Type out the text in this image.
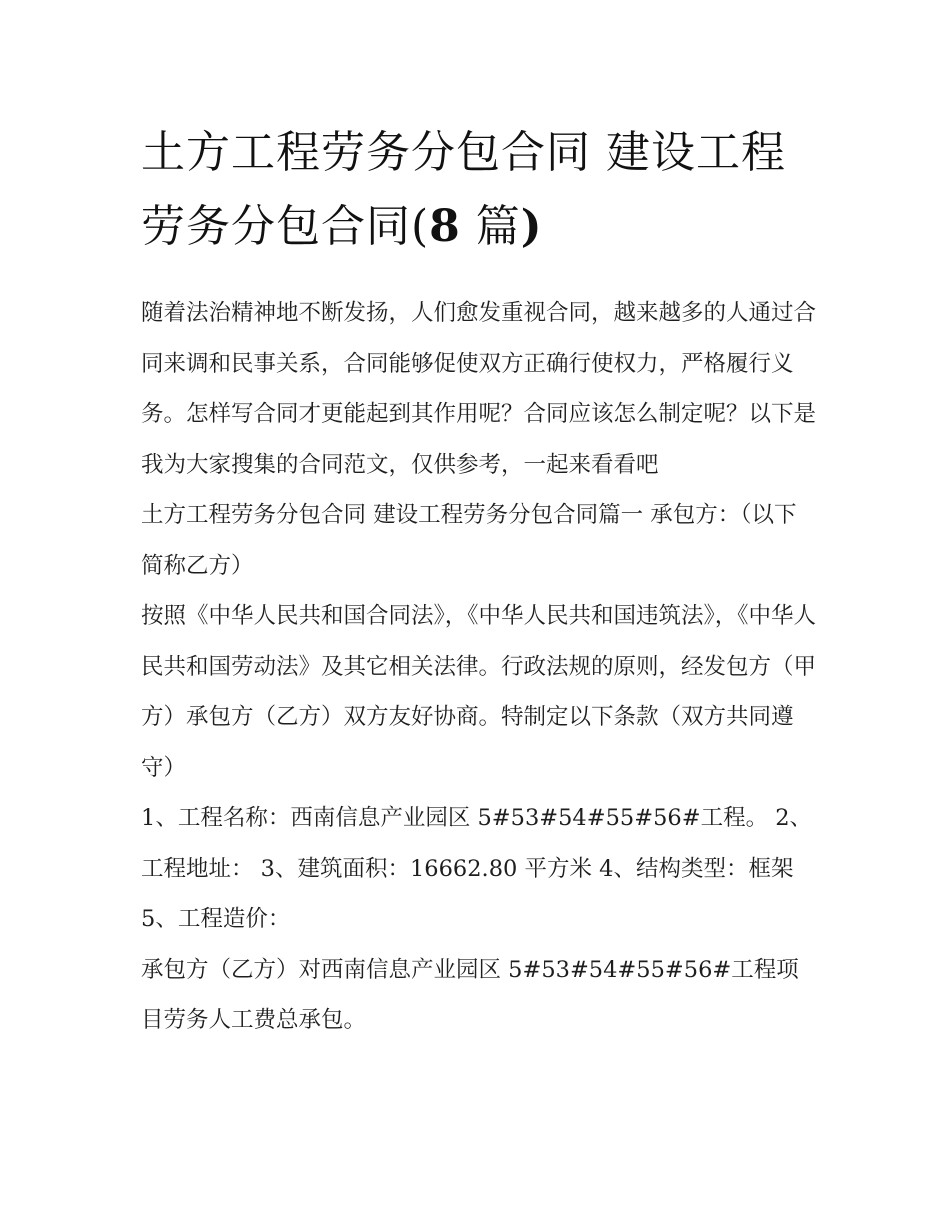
土方工程劳务分包合同 建设工程劳务分包合同(8 篇)

随着法治精神地不断发扬，人们愈发重视合同，越来越多的人通过合同来调和民事关系，合同能够促使双方正确行使权力，严格履行义务。怎样写合同才更能起到其作用呢？合同应该怎么制定呢？以下是我为大家搜集的合同范文，仅供参考，一起来看看吧

土方工程劳务分包合同 建设工程劳务分包合同篇一 承包方：（以下简称乙方）

按照《中华人民共和国合同法》，《中华人民共和国违筑法》，《中华人民共和国劳动法》及其它相关法律。行政法规的原则，经发包方（甲方）承包方（乙方）双方友好协商。特制定以下条款（双方共同遵守）

1、工程名称：西南信息产业园区 5#53#54#55#56#工程。 2、工程地址： 3、建筑面积：16662.80 平方米 4、结构类型：框架 5、工程造价：

承包方（乙方）对西南信息产业园区 5#53#54#55#56#工程项目劳务人工费总承包。
